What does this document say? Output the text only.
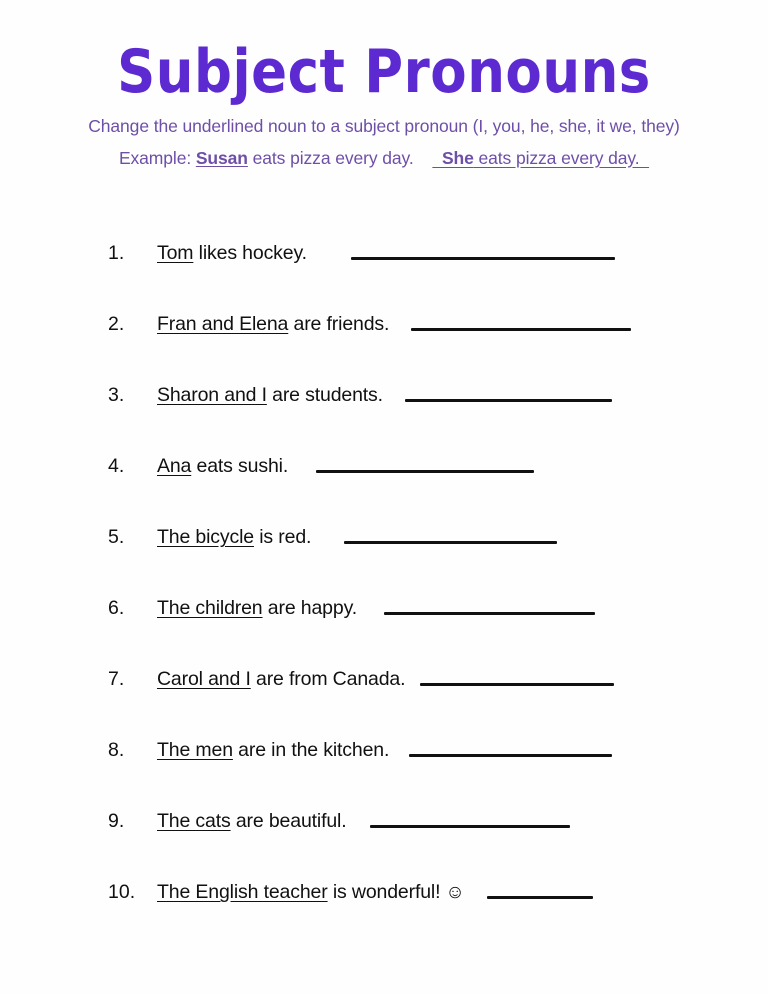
Subject Pronouns

Change the underlined noun to a subject pronoun (I, you, he, she, it we, they)

Example: Susan eats pizza every day. She eats pizza every day.

1.	Tom likes hockey.
2.	Fran and Elena are friends.
3.	Sharon and I are students.
4.	Ana eats sushi.
5.	The bicycle is red.
6.	The children are happy.
7.	Carol and I are from Canada.
8.	The men are in the kitchen.
9.	The cats are beautiful.
10.	The English teacher is wonderful! ☺
